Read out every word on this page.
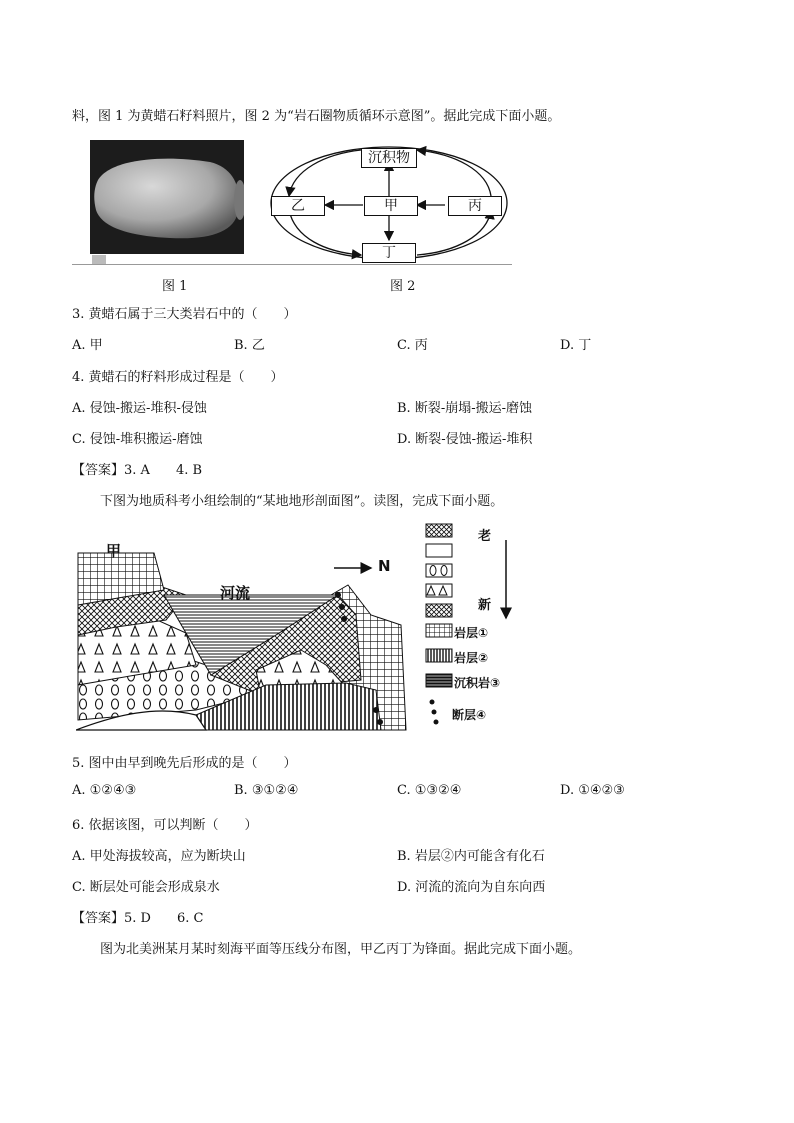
料，图 1 为黄蜡石籽料照片，图 2 为“岩石圈物质循环示意图”。据此完成下面小题。
图 1
沉积物
乙	甲	丙
丁
图 2
3. 黄蜡石属于三大类岩石中的（　　）
A. 甲	B. 乙	C. 丙	D. 丁
4. 黄蜡石的籽料形成过程是（　　）
A. 侵蚀-搬运-堆积-侵蚀	B. 断裂-崩塌-搬运-磨蚀
C. 侵蚀-堆积搬运-磨蚀	D. 断裂-侵蚀-搬运-堆积
【答案】3. A　　4. B
下图为地质科考小组绘制的“某地地形剖面图”。读图，完成下面小题。
甲
河流
N
老
新
岩层①
岩层②
沉积岩③
断层④
5. 图中由早到晚先后形成的是（　　）
A. ①②④③	B. ③①②④	C. ①③②④	D. ①④②③
6. 依据该图，可以判断（　　）
A. 甲处海拔较高，应为断块山	B. 岩层②内可能含有化石
C. 断层处可能会形成泉水	D. 河流的流向为自东向西
【答案】5. D　　6. C
图为北美洲某月某时刻海平面等压线分布图，甲乙丙丁为锋面。据此完成下面小题。
